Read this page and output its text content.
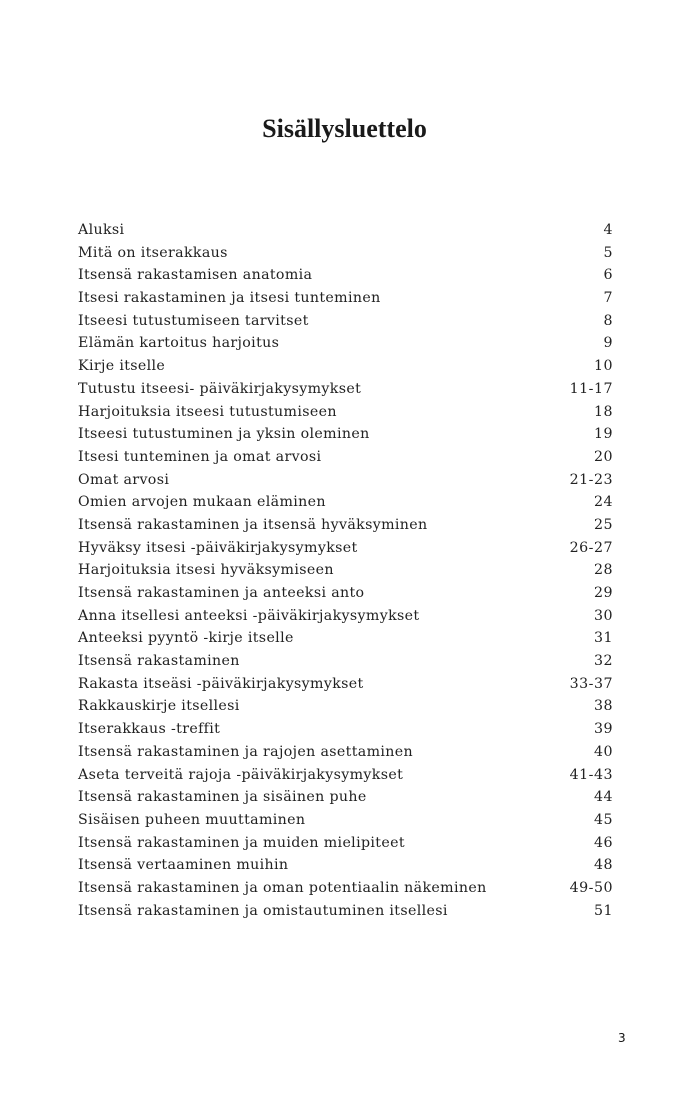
Sisällysluettelo
Aluksi	4
Mitä on itserakkaus	5
Itsensä rakastamisen anatomia	6
Itsesi rakastaminen ja itsesi tunteminen	7
Itseesi tutustumiseen tarvitset	8
Elämän kartoitus harjoitus	9
Kirje itselle	10
Tutustu itseesi- päiväkirjakysymykset	11-17
Harjoituksia itseesi tutustumiseen	18
Itseesi tutustuminen ja yksin oleminen	19
Itsesi tunteminen ja omat arvosi	20
Omat arvosi	21-23
Omien arvojen mukaan eläminen	24
Itsensä rakastaminen ja itsensä hyväksyminen	25
Hyväksy itsesi -päiväkirjakysymykset	26-27
Harjoituksia itsesi hyväksymiseen	28
Itsensä rakastaminen ja anteeksi anto	29
Anna itsellesi anteeksi -päiväkirjakysymykset	30
Anteeksi pyyntö -kirje itselle	31
Itsensä rakastaminen	32
Rakasta itseäsi -päiväkirjakysymykset	33-37
Rakkauskirje itsellesi	38
Itserakkaus -treffit	39
Itsensä rakastaminen ja rajojen asettaminen	40
Aseta terveitä rajoja -päiväkirjakysymykset	41-43
Itsensä rakastaminen ja sisäinen puhe	44
Sisäisen puheen muuttaminen	45
Itsensä rakastaminen ja muiden mielipiteet	46
Itsensä vertaaminen muihin	48
Itsensä rakastaminen ja oman potentiaalin näkeminen	49-50
Itsensä rakastaminen ja omistautuminen itsellesi	51
3
